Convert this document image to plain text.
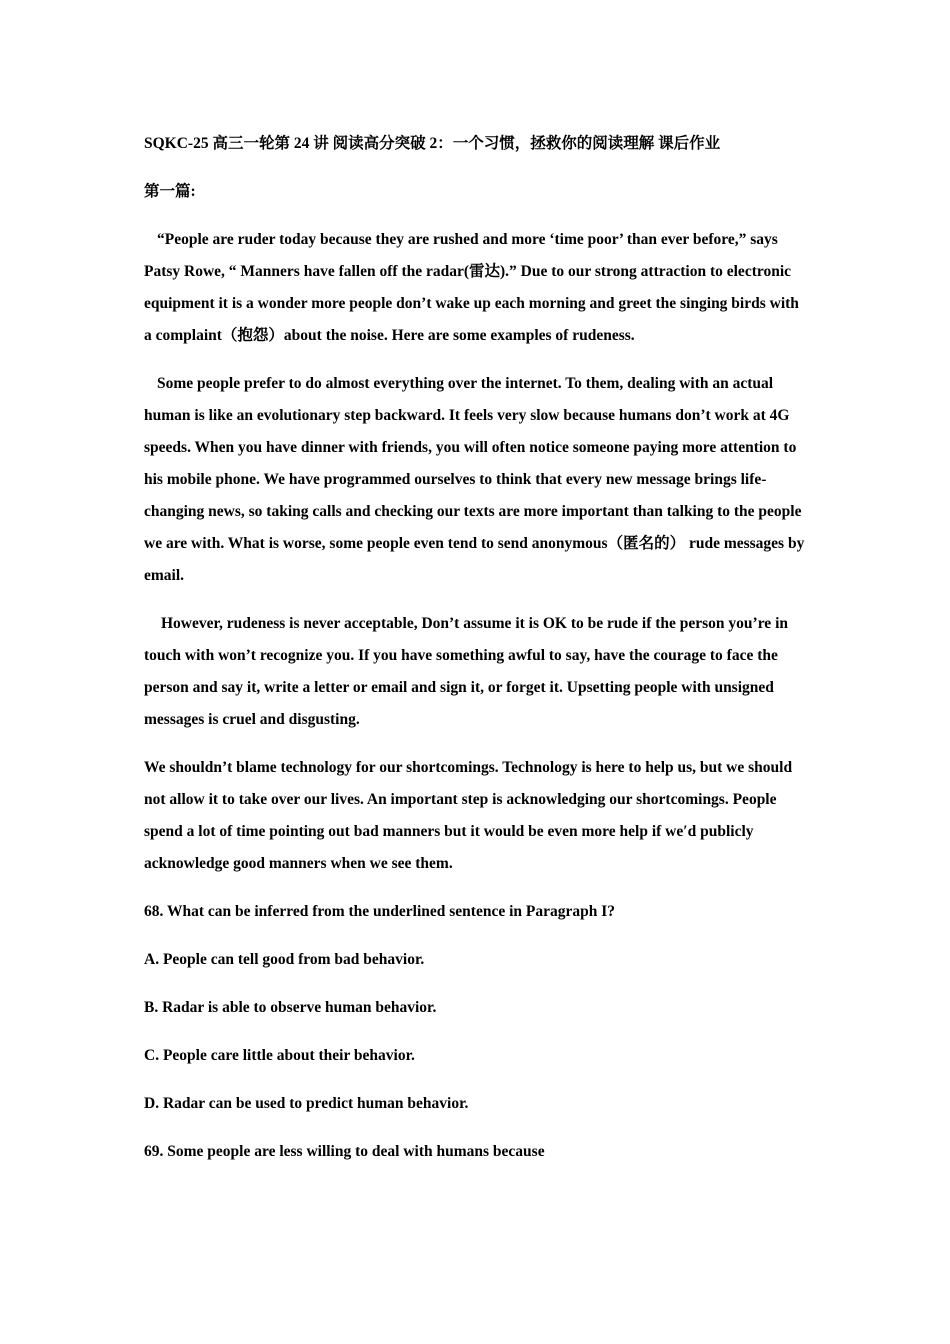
SQKC-25 高三一轮第 24 讲 阅读高分突破 2：一个习惯，拯救你的阅读理解 课后作业

第一篇:

“People are ruder today because they are rushed and more ‘time poor’ than ever before,” says Patsy Rowe, “ Manners have fallen off the radar(雷达).” Due to our strong attraction to electronic equipment it is a wonder more people don’t wake up each morning and greet the singing birds with a complaint（抱怨）about the noise. Here are some examples of rudeness.

Some people prefer to do almost everything over the internet. To them, dealing with an actual human is like an evolutionary step backward. It feels very slow because humans don’t work at 4G speeds. When you have dinner with friends, you will often notice someone paying more attention to his mobile phone. We have programmed ourselves to think that every new message brings life-changing news, so taking calls and checking our texts are more important than talking to the people we are with. What is worse, some people even tend to send anonymous（匿名的） rude messages by email.

However, rudeness is never acceptable, Don’t assume it is OK to be rude if the person you’re in touch with won’t recognize you. If you have something awful to say, have the courage to face the person and say it, write a letter or email and sign it, or forget it. Upsetting people with unsigned messages is cruel and disgusting.

We shouldn’t blame technology for our shortcomings. Technology is here to help us, but we should not allow it to take over our lives. An important step is acknowledging our shortcomings. People spend a lot of time pointing out bad manners but it would be even more help if we′d publicly acknowledge good manners when we see them.

68. What can be inferred from the underlined sentence in Paragraph I?

A. People can tell good from bad behavior.

B. Radar is able to observe human behavior.

C. People care little about their behavior.

D. Radar can be used to predict human behavior.

69. Some people are less willing to deal with humans because
